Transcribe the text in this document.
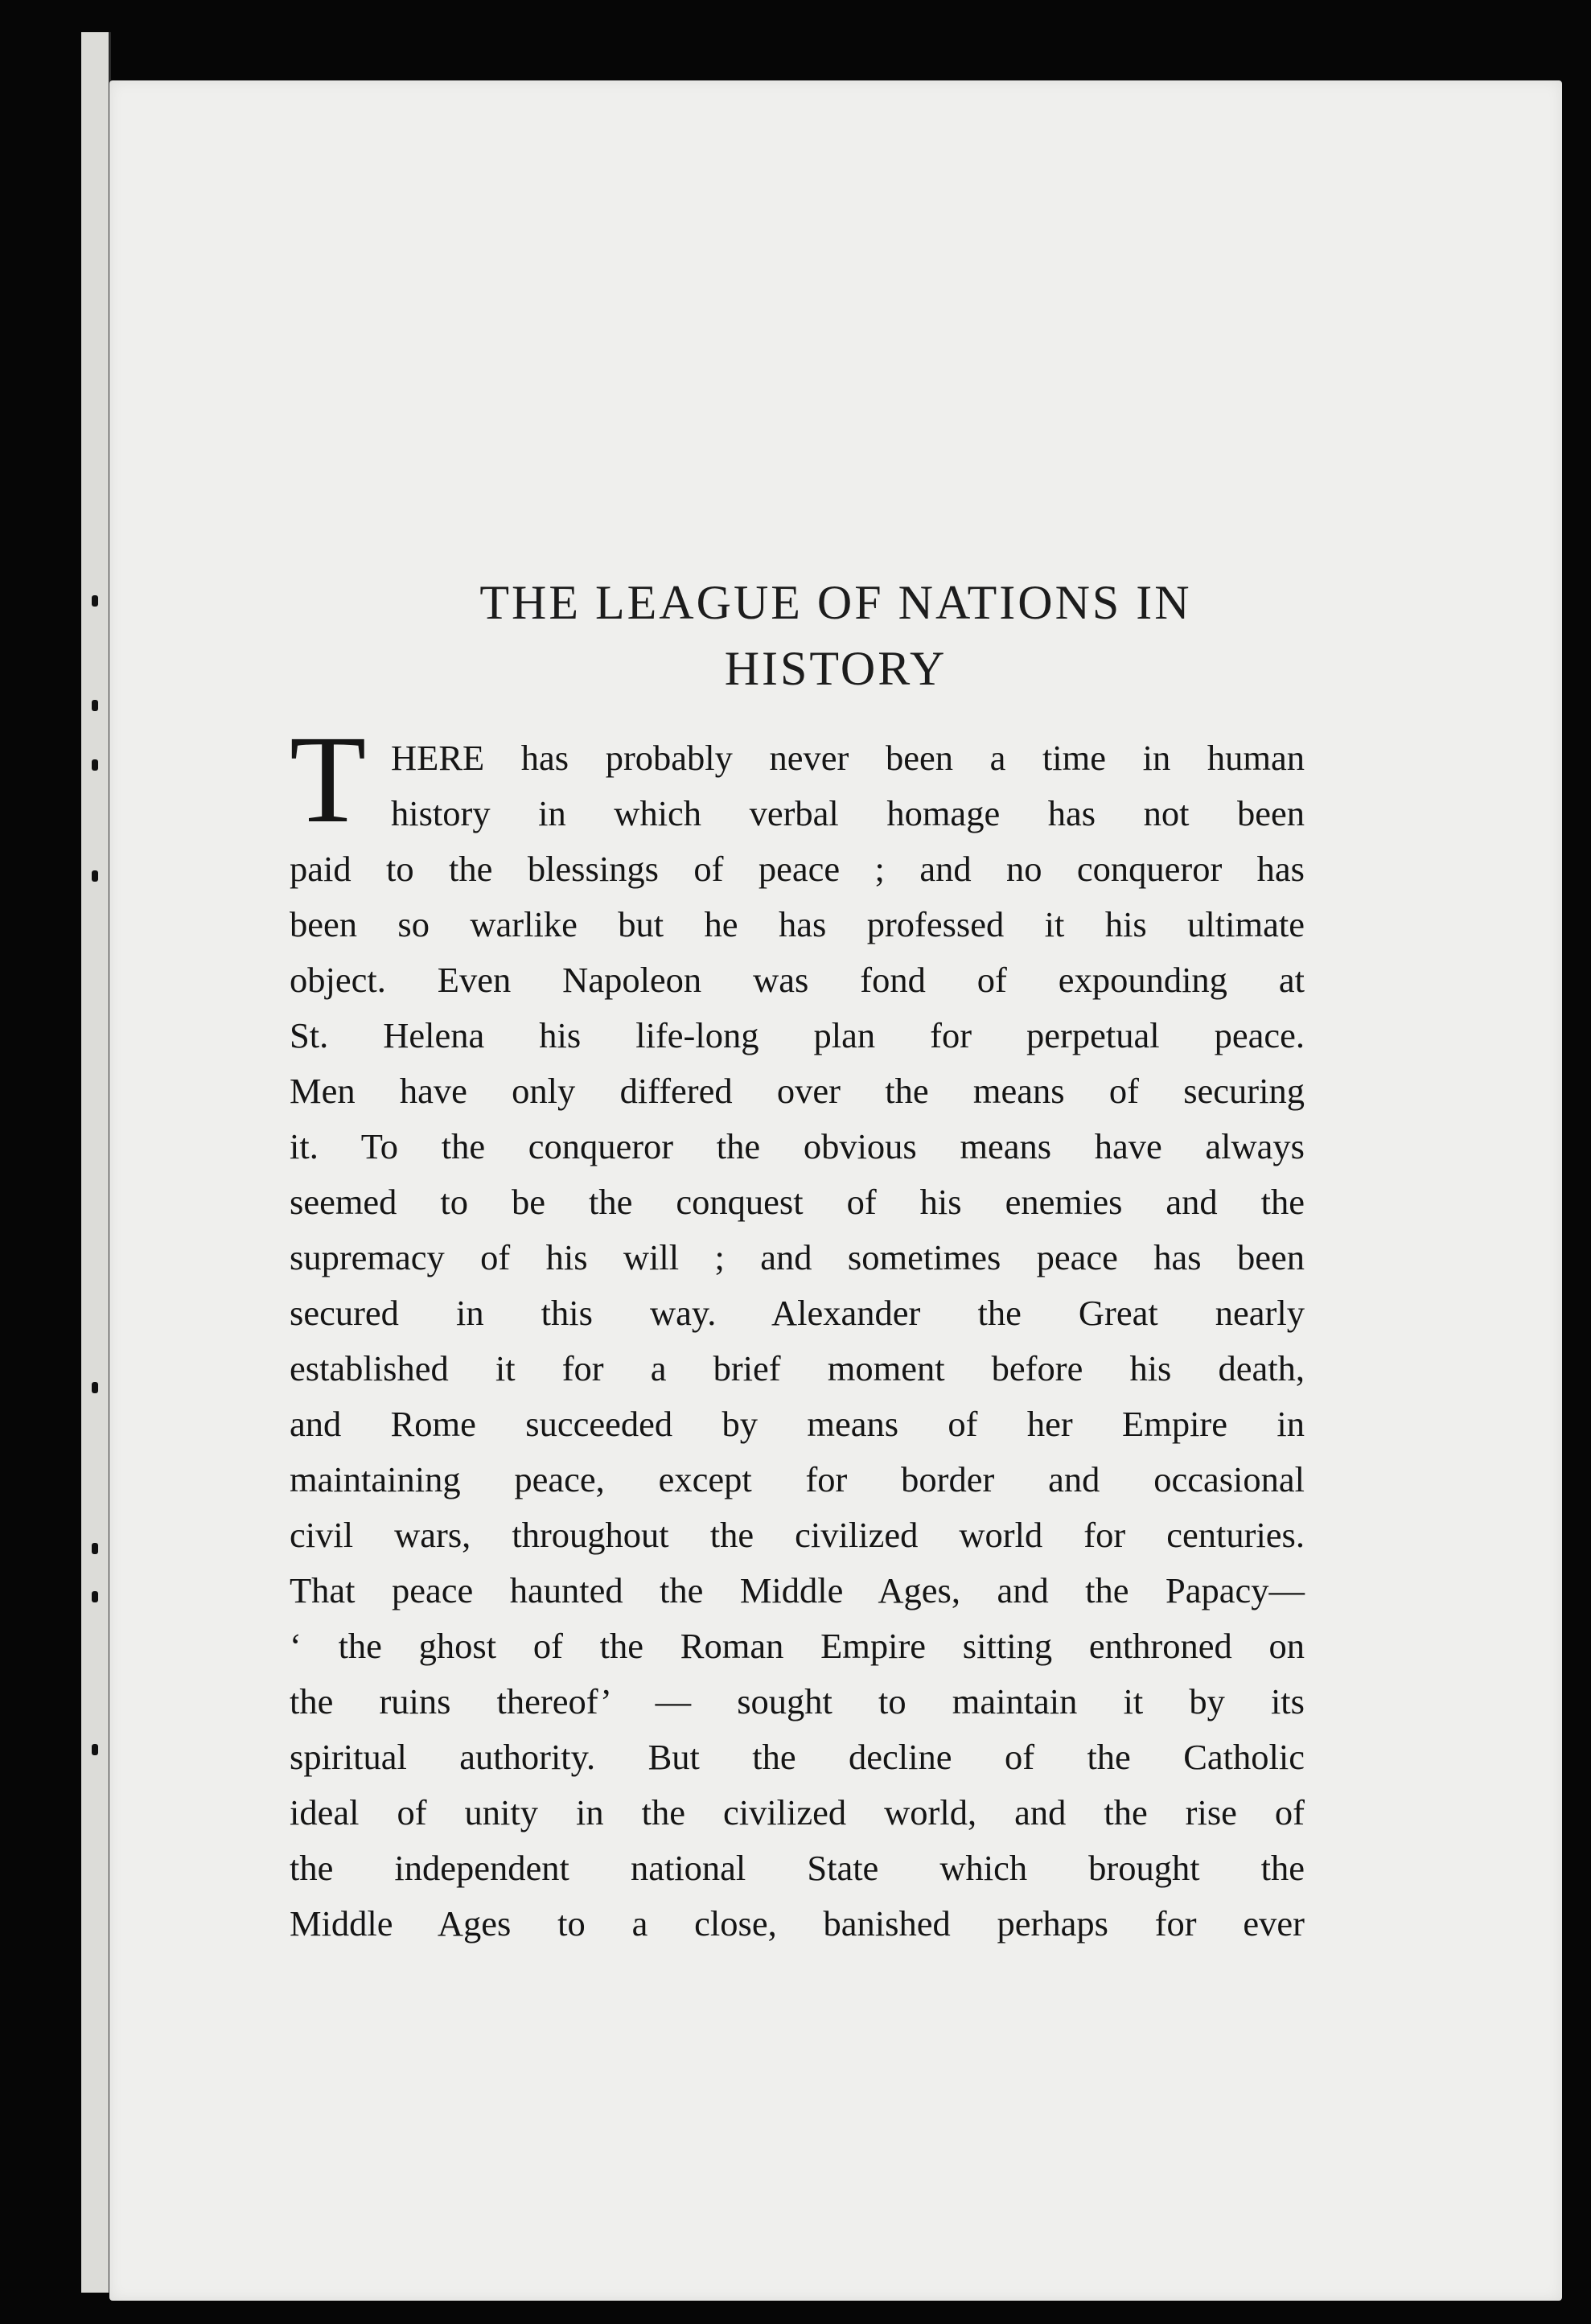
THE LEAGUE OF NATIONS IN
HISTORY
T HERE has probably never been a time in human
history in which verbal homage has not been
paid to the blessings of peace ; and no conqueror has
been so warlike but he has professed it his ultimate
object. Even Napoleon was fond of expounding at
St. Helena his life-long plan for perpetual peace.
Men have only differed over the means of securing
it. To the conqueror the obvious means have always
seemed to be the conquest of his enemies and the
supremacy of his will ; and sometimes peace has been
secured in this way. Alexander the Great nearly
established it for a brief moment before his death,
and Rome succeeded by means of her Empire in
maintaining peace, except for border and occasional
civil wars, throughout the civilized world for centuries.
That peace haunted the Middle Ages, and the Papacy—
‘ the ghost of the Roman Empire sitting enthroned on
the ruins thereof’ — sought to maintain it by its
spiritual authority. But the decline of the Catholic
ideal of unity in the civilized world, and the rise of
the independent national State which brought the
Middle Ages to a close, banished perhaps for ever
